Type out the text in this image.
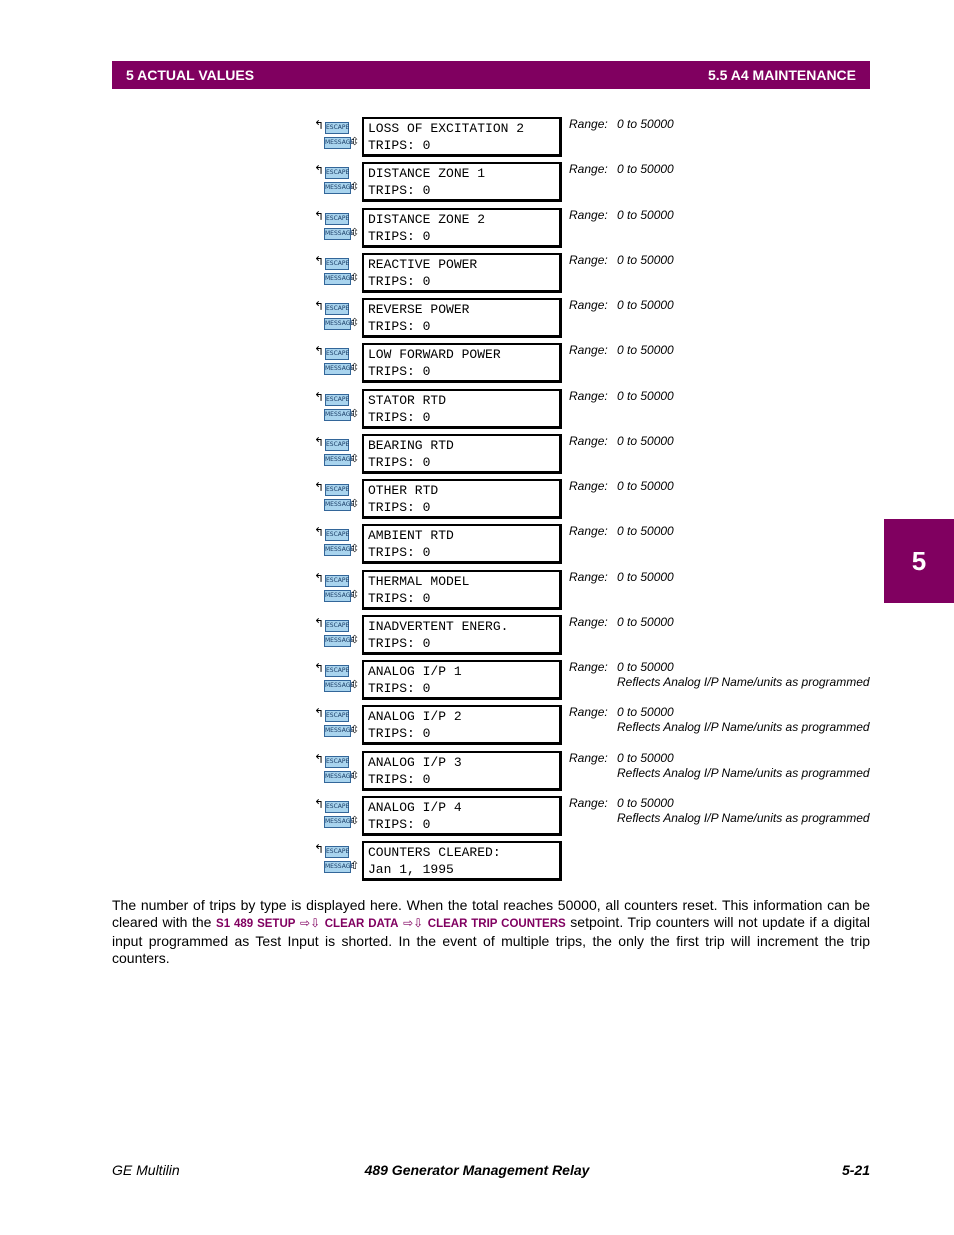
5 ACTUAL VALUES	5.5 A4 MAINTENANCE
5
↰ ESCAPE
MESSAGE
⇳
LOSS OF EXCITATION 2
TRIPS: 0
Range: 0 to 50000
↰ ESCAPE
MESSAGE
⇳
DISTANCE ZONE 1
TRIPS: 0
Range: 0 to 50000
↰ ESCAPE
MESSAGE
⇳
DISTANCE ZONE 2
TRIPS: 0
Range: 0 to 50000
↰ ESCAPE
MESSAGE
⇳
REACTIVE POWER
TRIPS: 0
Range: 0 to 50000
↰ ESCAPE
MESSAGE
⇳
REVERSE POWER
TRIPS: 0
Range: 0 to 50000
↰ ESCAPE
MESSAGE
⇳
LOW FORWARD POWER
TRIPS: 0
Range: 0 to 50000
↰ ESCAPE
MESSAGE
⇳
STATOR RTD
TRIPS: 0
Range: 0 to 50000
↰ ESCAPE
MESSAGE
⇳
BEARING RTD
TRIPS: 0
Range: 0 to 50000
↰ ESCAPE
MESSAGE
⇳
OTHER RTD
TRIPS: 0
Range: 0 to 50000
↰ ESCAPE
MESSAGE
⇳
AMBIENT RTD
TRIPS: 0
Range: 0 to 50000
↰ ESCAPE
MESSAGE
⇳
THERMAL MODEL
TRIPS: 0
Range: 0 to 50000
↰ ESCAPE
MESSAGE
⇳
INADVERTENT ENERG.
TRIPS: 0
Range: 0 to 50000
↰ ESCAPE
MESSAGE
⇳
ANALOG I/P 1
TRIPS: 0
Range: 0 to 50000
Reflects Analog I/P Name/units as programmed
↰ ESCAPE
MESSAGE
⇳
ANALOG I/P 2
TRIPS: 0
Range: 0 to 50000
Reflects Analog I/P Name/units as programmed
↰ ESCAPE
MESSAGE
⇳
ANALOG I/P 3
TRIPS: 0
Range: 0 to 50000
Reflects Analog I/P Name/units as programmed
↰ ESCAPE
MESSAGE
⇳
ANALOG I/P 4
TRIPS: 0
Range: 0 to 50000
Reflects Analog I/P Name/units as programmed
↰ ESCAPE
MESSAGE
⇧
COUNTERS CLEARED:
Jan 1, 1995
The number of trips by type is displayed here. When the total reaches 50000, all counters reset. This information can be cleared with the S1 489 SETUP ⇨⇩ CLEAR DATA ⇨⇩ CLEAR TRIP COUNTERS setpoint. Trip counters will not update if a digital input programmed as Test Input is shorted. In the event of multiple trips, the only the first trip will increment the trip counters.
GE Multilin	489 Generator Management Relay	5-21
